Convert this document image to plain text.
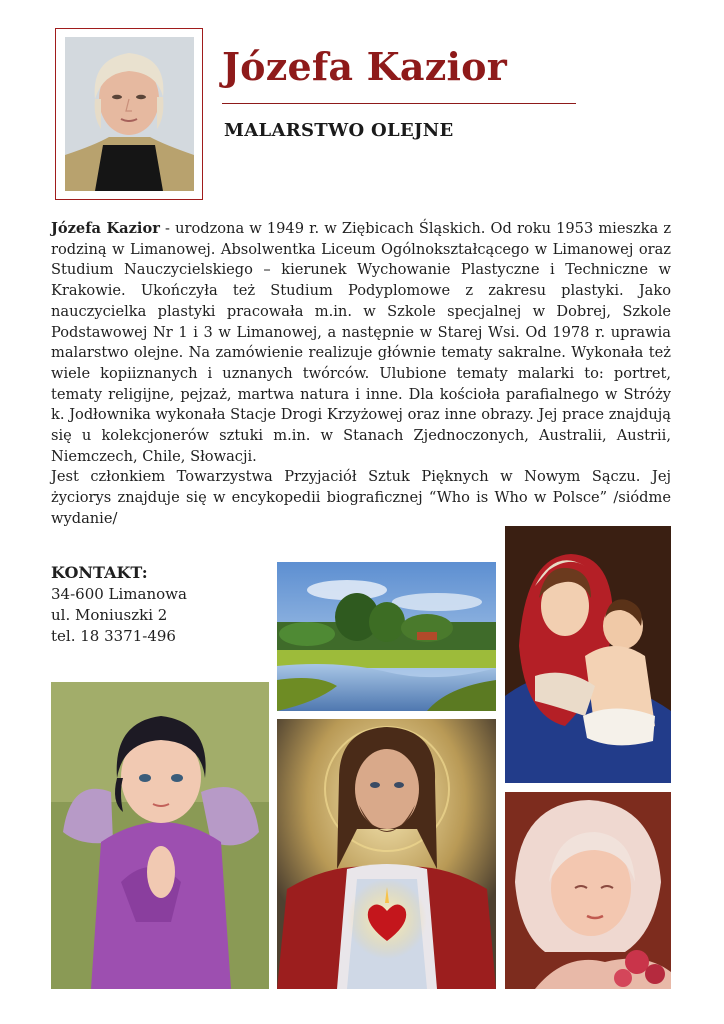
Józefa Kazior
MALARSTWO OLEJNE

Józefa Kazior - urodzona w 1949 r. w Ziębicach Śląskich. Od roku 1953 mieszka z rodziną w Limanowej. Absolwentka Liceum Ogólnokształcącego w Limanowej oraz Studium Nauczycielskiego – kierunek Wychowanie Plastyczne i Techniczne w Krakowie. Ukończyła też Studium Podyplomowe z zakresu plastyki. Jako nauczycielka plastyki pracowała m.in. w Szkole specjalnej w Dobrej, Szkole Podstawowej Nr 1 i 3 w Limanowej, a następnie w Starej Wsi. Od 1978 r. uprawia malarstwo olejne. Na zamówienie realizuje głównie tematy sakralne. Wykonała też wiele kopiiznanych i uznanych twórców. Ulubione tematy malarki to: portret, tematy religijne, pejzaż, martwa natura i inne. Dla kościoła parafialnego w Stróży k. Jodłownika wykonała Stacje Drogi Krzyżowej oraz inne obrazy. Jej prace znajdują się u kolekcjonerów sztuki m.in. w Stanach Zjednoczonych, Australii, Austrii, Niemczech, Chile, Słowacji.
Jest członkiem Towarzystwa Przyjaciół Sztuk Pięknych w Nowym Sączu. Jej życiorys znajduje się w encykopedii biograficznej “Who is Who w Polsce” /siódme wydanie/

KONTAKT:
34-600 Limanowa
ul. Moniuszki 2
tel. 18 3371-496
